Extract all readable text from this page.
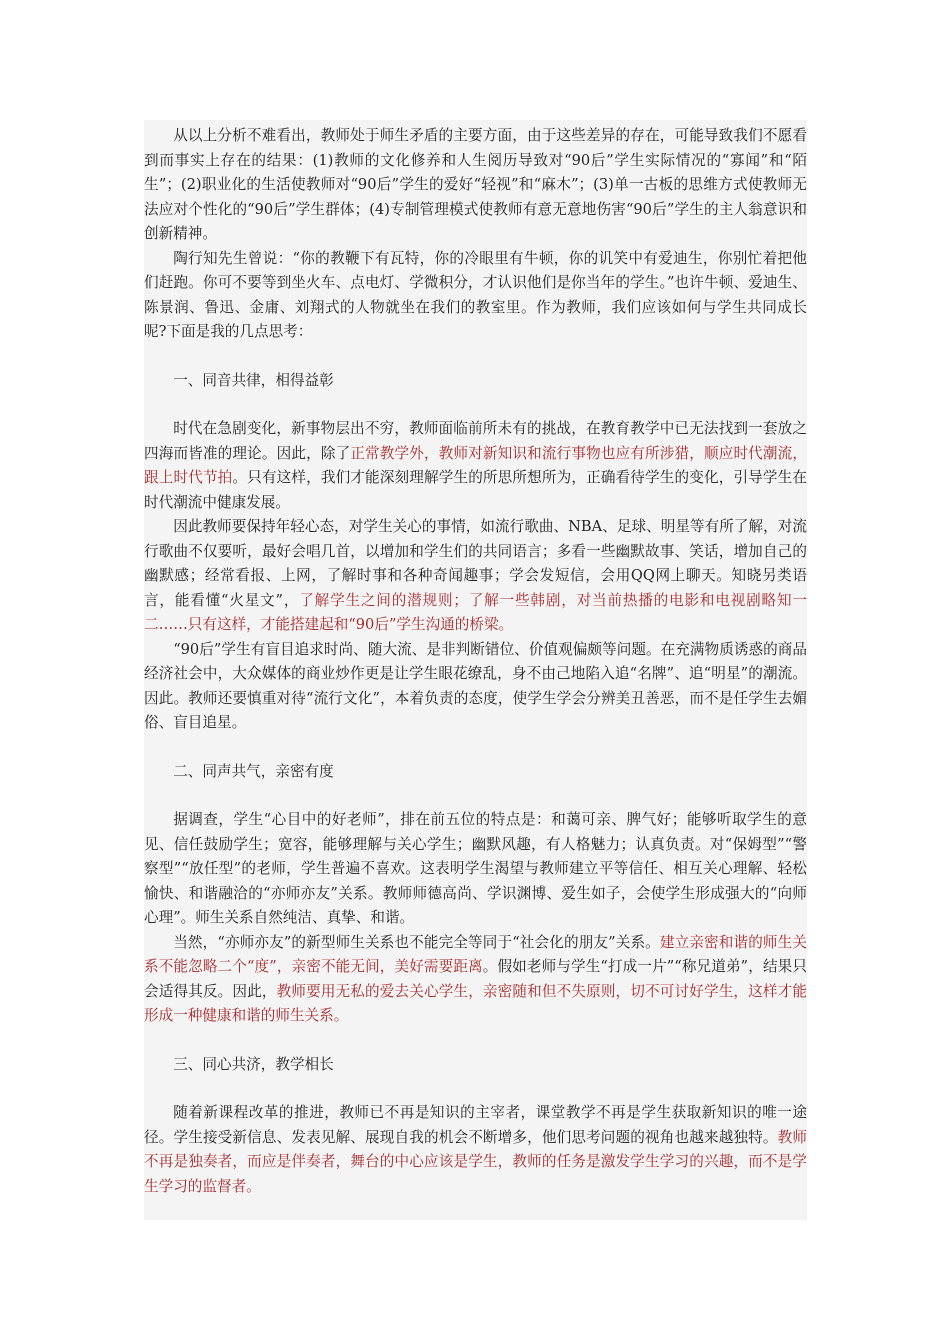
从以上分析不难看出，教师处于师生矛盾的主要方面，由于这些差异的存在，可能导致我们不愿看到而事实上存在的结果：(1)教师的文化修养和人生阅历导致对“90后”学生实际情况的“寡闻”和“陌生”；(2)职业化的生活使教师对“90后”学生的爱好“轻视”和“麻木”；(3)单一古板的思维方式使教师无法应对个性化的“90后”学生群体；(4)专制管理模式使教师有意无意地伤害“90后”学生的主人翁意识和创新精神。

陶行知先生曾说：“你的教鞭下有瓦特，你的冷眼里有牛顿，你的讥笑中有爱迪生，你别忙着把他们赶跑。你可不要等到坐火车、点电灯、学微积分，才认识他们是你当年的学生。”也许牛顿、爱迪生、陈景润、鲁迅、金庸、刘翔式的人物就坐在我们的教室里。作为教师，我们应该如何与学生共同成长呢?下面是我的几点思考：

一、同音共律，相得益彰

时代在急剧变化，新事物层出不穷，教师面临前所未有的挑战，在教育教学中已无法找到一套放之四海而皆准的理论。因此，除了正常教学外，教师对新知识和流行事物也应有所涉猎，顺应时代潮流，跟上时代节拍。只有这样，我们才能深刻理解学生的所思所想所为，正确看待学生的变化，引导学生在时代潮流中健康发展。

因此教师要保持年轻心态，对学生关心的事情，如流行歌曲、NBA、足球、明星等有所了解，对流行歌曲不仅要听，最好会唱几首，以增加和学生们的共同语言；多看一些幽默故事、笑话，增加自己的幽默感；经常看报、上网，了解时事和各种奇闻趣事；学会发短信，会用QQ网上聊天。知晓另类语言，能看懂“火星文”，了解学生之间的潜规则；了解一些韩剧，对当前热播的电影和电视剧略知一二……只有这样，才能搭建起和“90后”学生沟通的桥梁。

“90后”学生有盲目追求时尚、随大流、是非判断错位、价值观偏颇等问题。在充满物质诱惑的商品经济社会中，大众媒体的商业炒作更是让学生眼花缭乱，身不由己地陷入追“名牌”、追“明星”的潮流。因此。教师还要慎重对待“流行文化”，本着负责的态度，使学生学会分辨美丑善恶，而不是任学生去媚俗、盲目追星。

二、同声共气，亲密有度

据调查，学生“心目中的好老师”，排在前五位的特点是：和蔼可亲、脾气好；能够听取学生的意见、信任鼓励学生；宽容，能够理解与关心学生；幽默风趣，有人格魅力；认真负责。对“保姆型”“警察型”“放任型”的老师，学生普遍不喜欢。这表明学生渴望与教师建立平等信任、相互关心理解、轻松愉快、和谐融洽的“亦师亦友”关系。教师师德高尚、学识渊博、爱生如子，会使学生形成强大的“向师心理”。师生关系自然纯洁、真挚、和谐。

当然，“亦师亦友”的新型师生关系也不能完全等同于“社会化的朋友”关系。建立亲密和谐的师生关系不能忽略二个“度”，亲密不能无间，美好需要距离。假如老师与学生“打成一片”“称兄道弟”，结果只会适得其反。因此，教师要用无私的爱去关心学生，亲密随和但不失原则，切不可讨好学生，这样才能形成一种健康和谐的师生关系。

三、同心共济，教学相长

随着新课程改革的推进，教师已不再是知识的主宰者，课堂教学不再是学生获取新知识的唯一途径。学生接受新信息、发表见解、展现自我的机会不断增多，他们思考问题的视角也越来越独特。教师不再是独奏者，而应是伴奏者，舞台的中心应该是学生，教师的任务是激发学生学习的兴趣，而不是学生学习的监督者。
